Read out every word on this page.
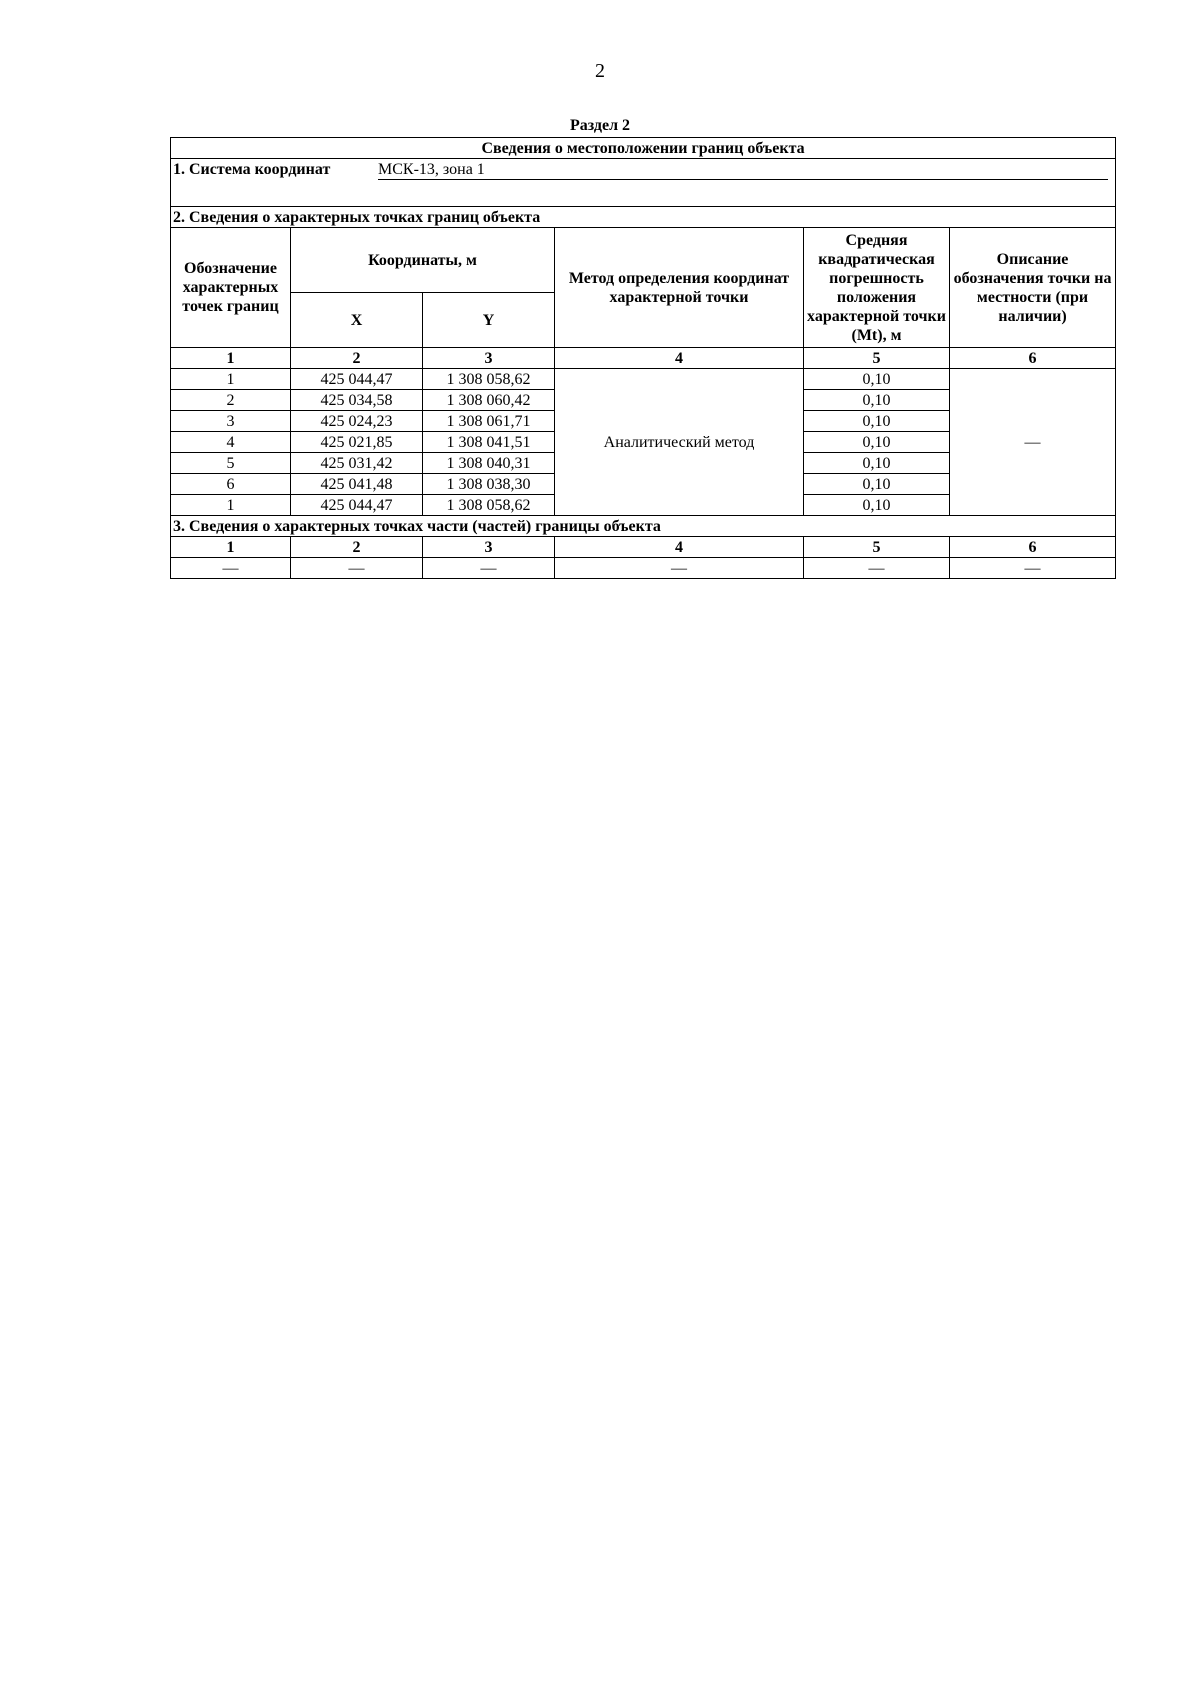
2
Раздел 2
Сведения о местоположении границ объекта					

1. Система координат МСК-13, зона 1					

2. Сведения о характерных точках границ объекта					
Обозначение характерных точек границ	Координаты, м		Метод определения координат характерной точки	Средняя квадратическая погрешность положения характерной точки (Mt), м	Описание обозначения точки на местности (при наличии)
	X	Y			
1	2	3	4	5	6
1	425 044,47	1 308 058,62	Аналитический метод	0,10	—
2	425 034,58	1 308 060,42		0,10	
3	425 024,23	1 308 061,71		0,10	
4	425 021,85	1 308 041,51		0,10	
5	425 031,42	1 308 040,31		0,10	
6	425 041,48	1 308 038,30		0,10	
1	425 044,47	1 308 058,62		0,10	
3. Сведения о характерных точках части (частей) границы объекта					
1	2	3	4	5	6
—	—	—	—	—	—
